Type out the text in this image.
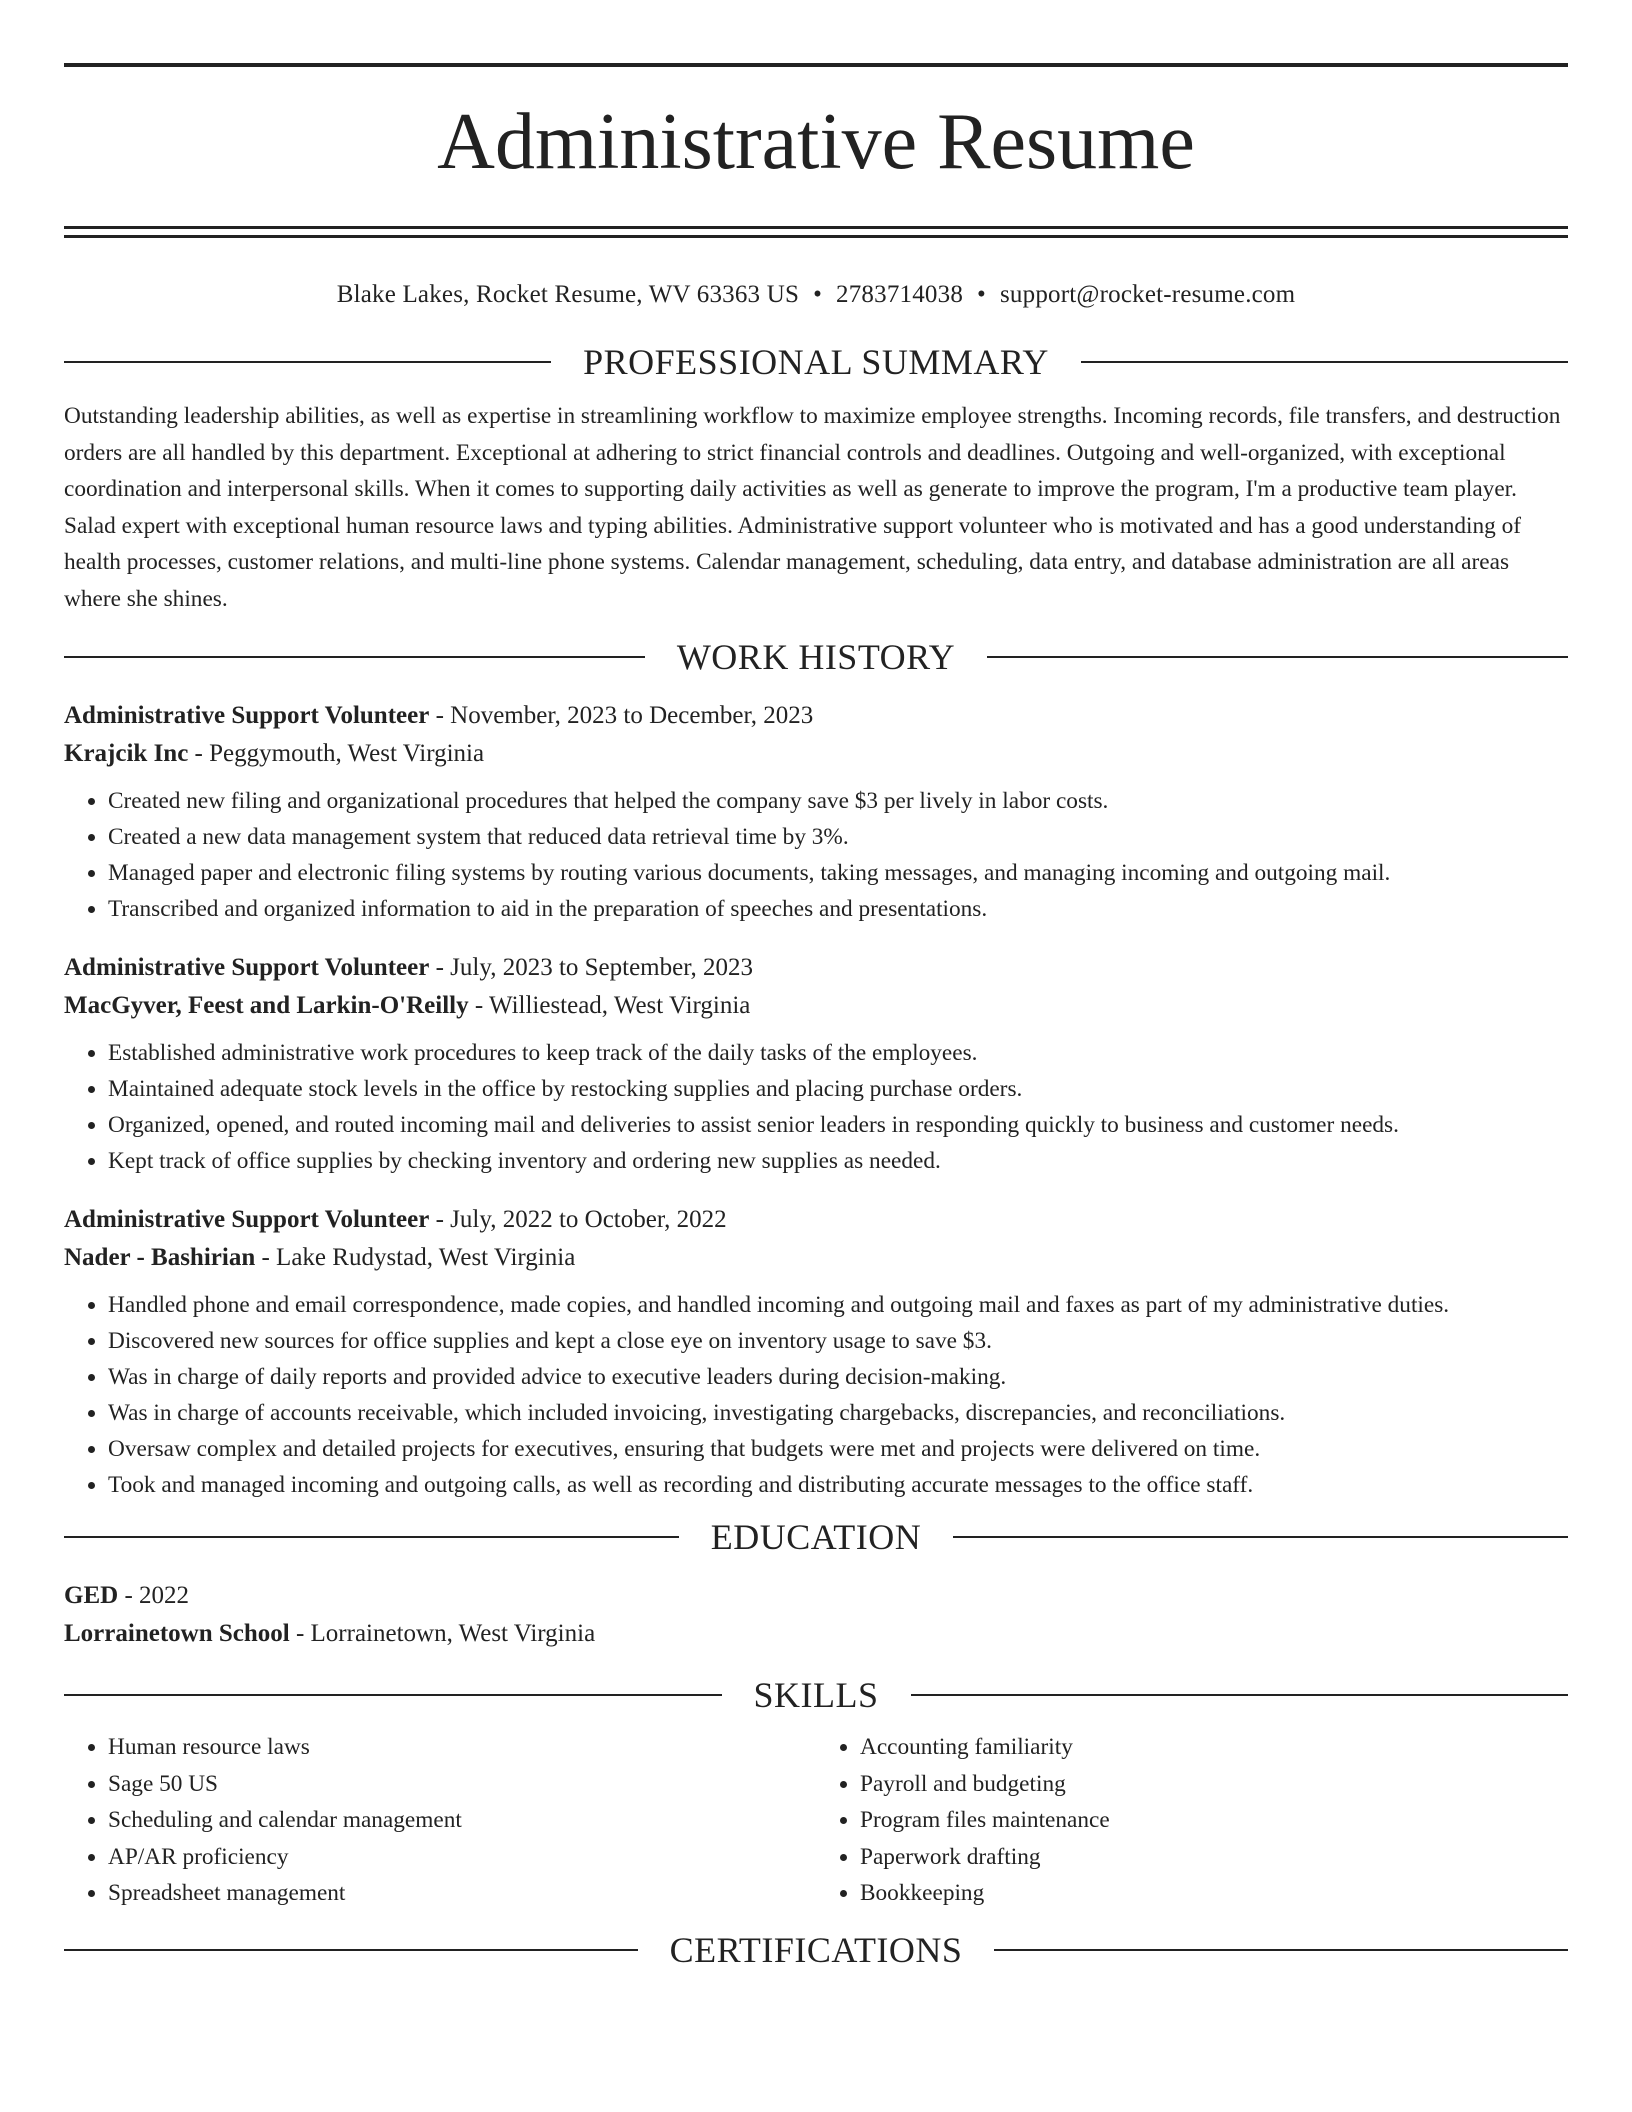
Administrative Resume
Blake Lakes, Rocket Resume, WV 63363 US • 2783714038 • support@rocket-resume.com
PROFESSIONAL SUMMARY

Outstanding leadership abilities, as well as expertise in streamlining workflow to maximize employee strengths. Incoming records, file transfers, and destruction orders are all handled by this department. Exceptional at adhering to strict financial controls and deadlines. Outgoing and well-organized, with exceptional coordination and interpersonal skills. When it comes to supporting daily activities as well as generate to improve the program, I'm a productive team player. Salad expert with exceptional human resource laws and typing abilities. Administrative support volunteer who is motivated and has a good understanding of health processes, customer relations, and multi-line phone systems. Calendar management, scheduling, data entry, and database administration are all areas where she shines.

WORK HISTORY
Administrative Support Volunteer - November, 2023 to December, 2023
Krajcik Inc - Peggymouth, West Virginia
• Created new filing and organizational procedures that helped the company save $3 per lively in labor costs.
• Created a new data management system that reduced data retrieval time by 3%.
• Managed paper and electronic filing systems by routing various documents, taking messages, and managing incoming and outgoing mail.
• Transcribed and organized information to aid in the preparation of speeches and presentations.
Administrative Support Volunteer - July, 2023 to September, 2023
MacGyver, Feest and Larkin-O'Reilly - Williestead, West Virginia
• Established administrative work procedures to keep track of the daily tasks of the employees.
• Maintained adequate stock levels in the office by restocking supplies and placing purchase orders.
• Organized, opened, and routed incoming mail and deliveries to assist senior leaders in responding quickly to business and customer needs.
• Kept track of office supplies by checking inventory and ordering new supplies as needed.
Administrative Support Volunteer - July, 2022 to October, 2022
Nader - Bashirian - Lake Rudystad, West Virginia
• Handled phone and email correspondence, made copies, and handled incoming and outgoing mail and faxes as part of my administrative duties.
• Discovered new sources for office supplies and kept a close eye on inventory usage to save $3.
• Was in charge of daily reports and provided advice to executive leaders during decision-making.
• Was in charge of accounts receivable, which included invoicing, investigating chargebacks, discrepancies, and reconciliations.
• Oversaw complex and detailed projects for executives, ensuring that budgets were met and projects were delivered on time.
• Took and managed incoming and outgoing calls, as well as recording and distributing accurate messages to the office staff.
EDUCATION
GED - 2022
Lorrainetown School - Lorrainetown, West Virginia
SKILLS
• Human resource laws
• Sage 50 US
• Scheduling and calendar management
• AP/AR proficiency
• Spreadsheet management
• Accounting familiarity
• Payroll and budgeting
• Program files maintenance
• Paperwork drafting
• Bookkeeping
CERTIFICATIONS
